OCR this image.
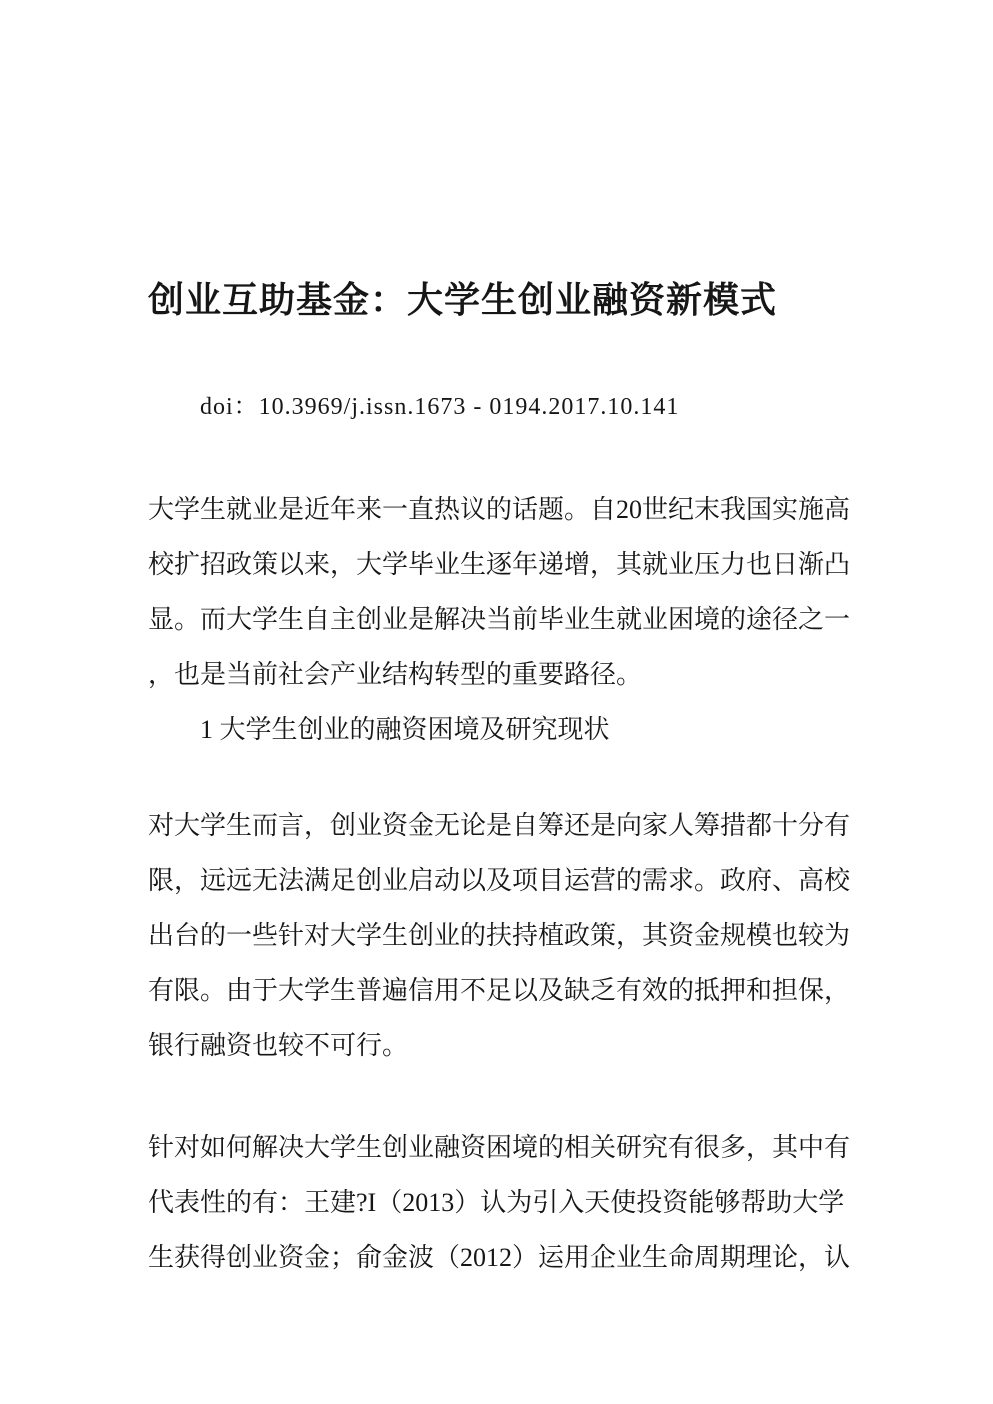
创业互助基金：大学生创业融资新模式
doi：10.3969/j.issn.1673 - 0194.2017.10.141
大学生就业是近年来一直热议的话题。自20世纪末我国实施高
校扩招政策以来，大学毕业生逐年递增，其就业压力也日渐凸
显。而大学生自主创业是解决当前毕业生就业困境的途径之一
，也是当前社会产业结构转型的重要路径。
1 大学生创业的融资困境及研究现状
对大学生而言，创业资金无论是自筹还是向家人筹措都十分有
限，远远无法满足创业启动以及项目运营的需求。政府、高校
出台的一些针对大学生创业的扶持植政策，其资金规模也较为
有限。由于大学生普遍信用不足以及缺乏有效的抵押和担保，
银行融资也较不可行。
针对如何解决大学生创业融资困境的相关研究有很多，其中有
代表性的有：王建?I（2013）认为引入天使投资能够帮助大学
生获得创业资金；俞金波（2012）运用企业生命周期理论，认
